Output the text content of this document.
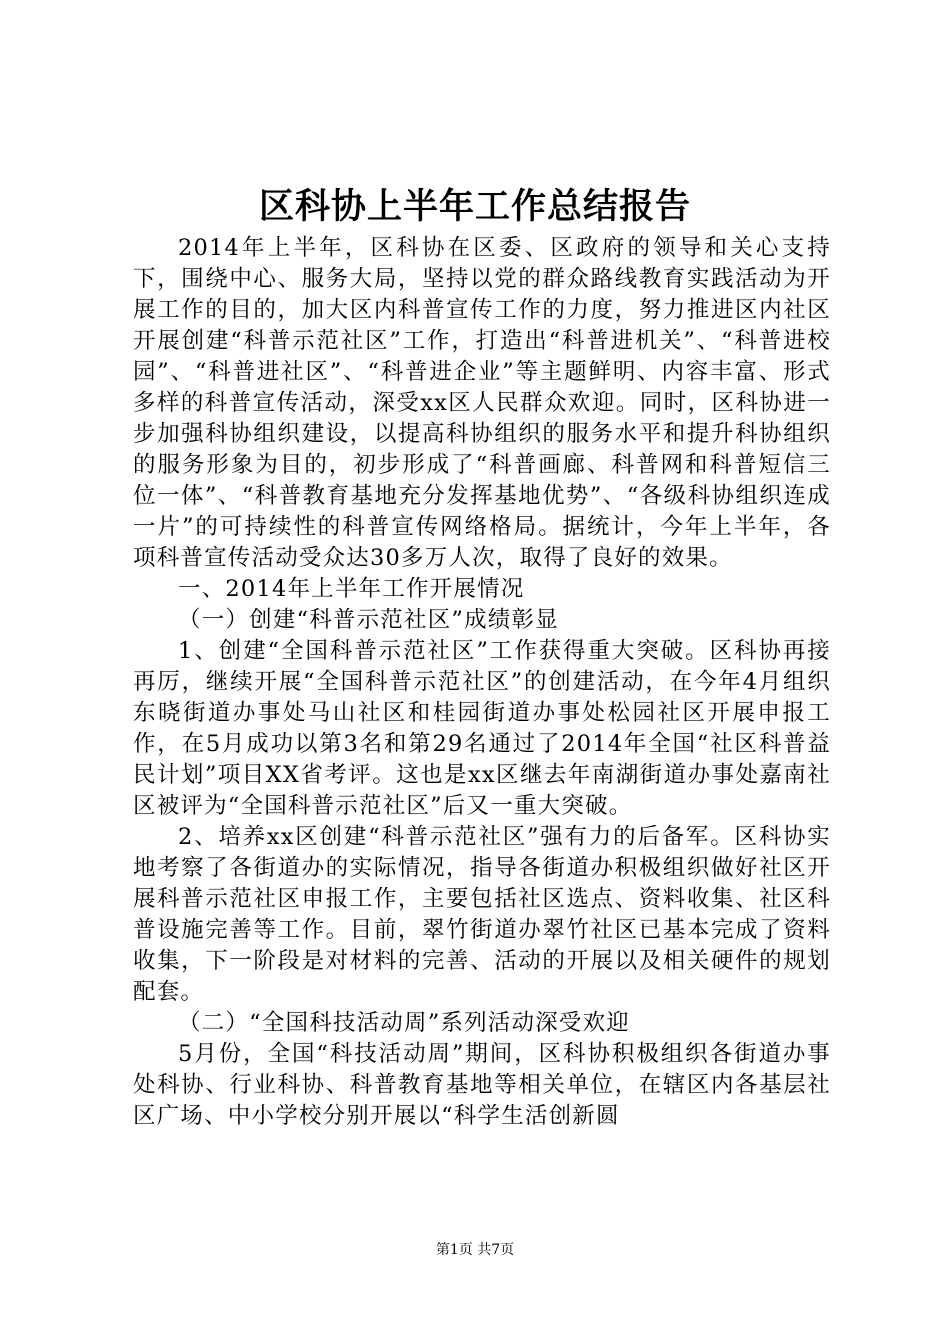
区科协上半年工作总结报告

2014年上半年，区科协在区委、区政府的领导和关心支持下，围绕中心、服务大局，坚持以党的群众路线教育实践活动为开展工作的目的，加大区内科普宣传工作的力度，努力推进区内社区开展创建“科普示范社区”工作，打造出“科普进机关”、“科普进校园”、“科普进社区”、“科普进企业”等主题鲜明、内容丰富、形式多样的科普宣传活动，深受xx区人民群众欢迎。同时，区科协进一步加强科协组织建设，以提高科协组织的服务水平和提升科协组织的服务形象为目的，初步形成了“科普画廊、科普网和科普短信三位一体”、“科普教育基地充分发挥基地优势”、“各级科协组织连成一片”的可持续性的科普宣传网络格局。据统计，今年上半年，各项科普宣传活动受众达30多万人次，取得了良好的效果。

一、2014年上半年工作开展情况

（一）创建“科普示范社区”成绩彰显

1、创建“全国科普示范社区”工作获得重大突破。区科协再接再厉，继续开展“全国科普示范社区”的创建活动，在今年4月组织东晓街道办事处马山社区和桂园街道办事处松园社区开展申报工作，在5月成功以第3名和第29名通过了2014年全国“社区科普益民计划”项目XX省考评。这也是xx区继去年南湖街道办事处嘉南社区被评为“全国科普示范社区”后又一重大突破。

2、培养xx区创建“科普示范社区”强有力的后备军。区科协实地考察了各街道办的实际情况，指导各街道办积极组织做好社区开展科普示范社区申报工作，主要包括社区选点、资料收集、社区科普设施完善等工作。目前，翠竹街道办翠竹社区已基本完成了资料收集，下一阶段是对材料的完善、活动的开展以及相关硬件的规划配套。

（二）“全国科技活动周”系列活动深受欢迎

5月份，全国“科技活动周”期间，区科协积极组织各街道办事处科协、行业科协、科普教育基地等相关单位，在辖区内各基层社区广场、中小学校分别开展以“科学生活创新圆

第1页 共7页
